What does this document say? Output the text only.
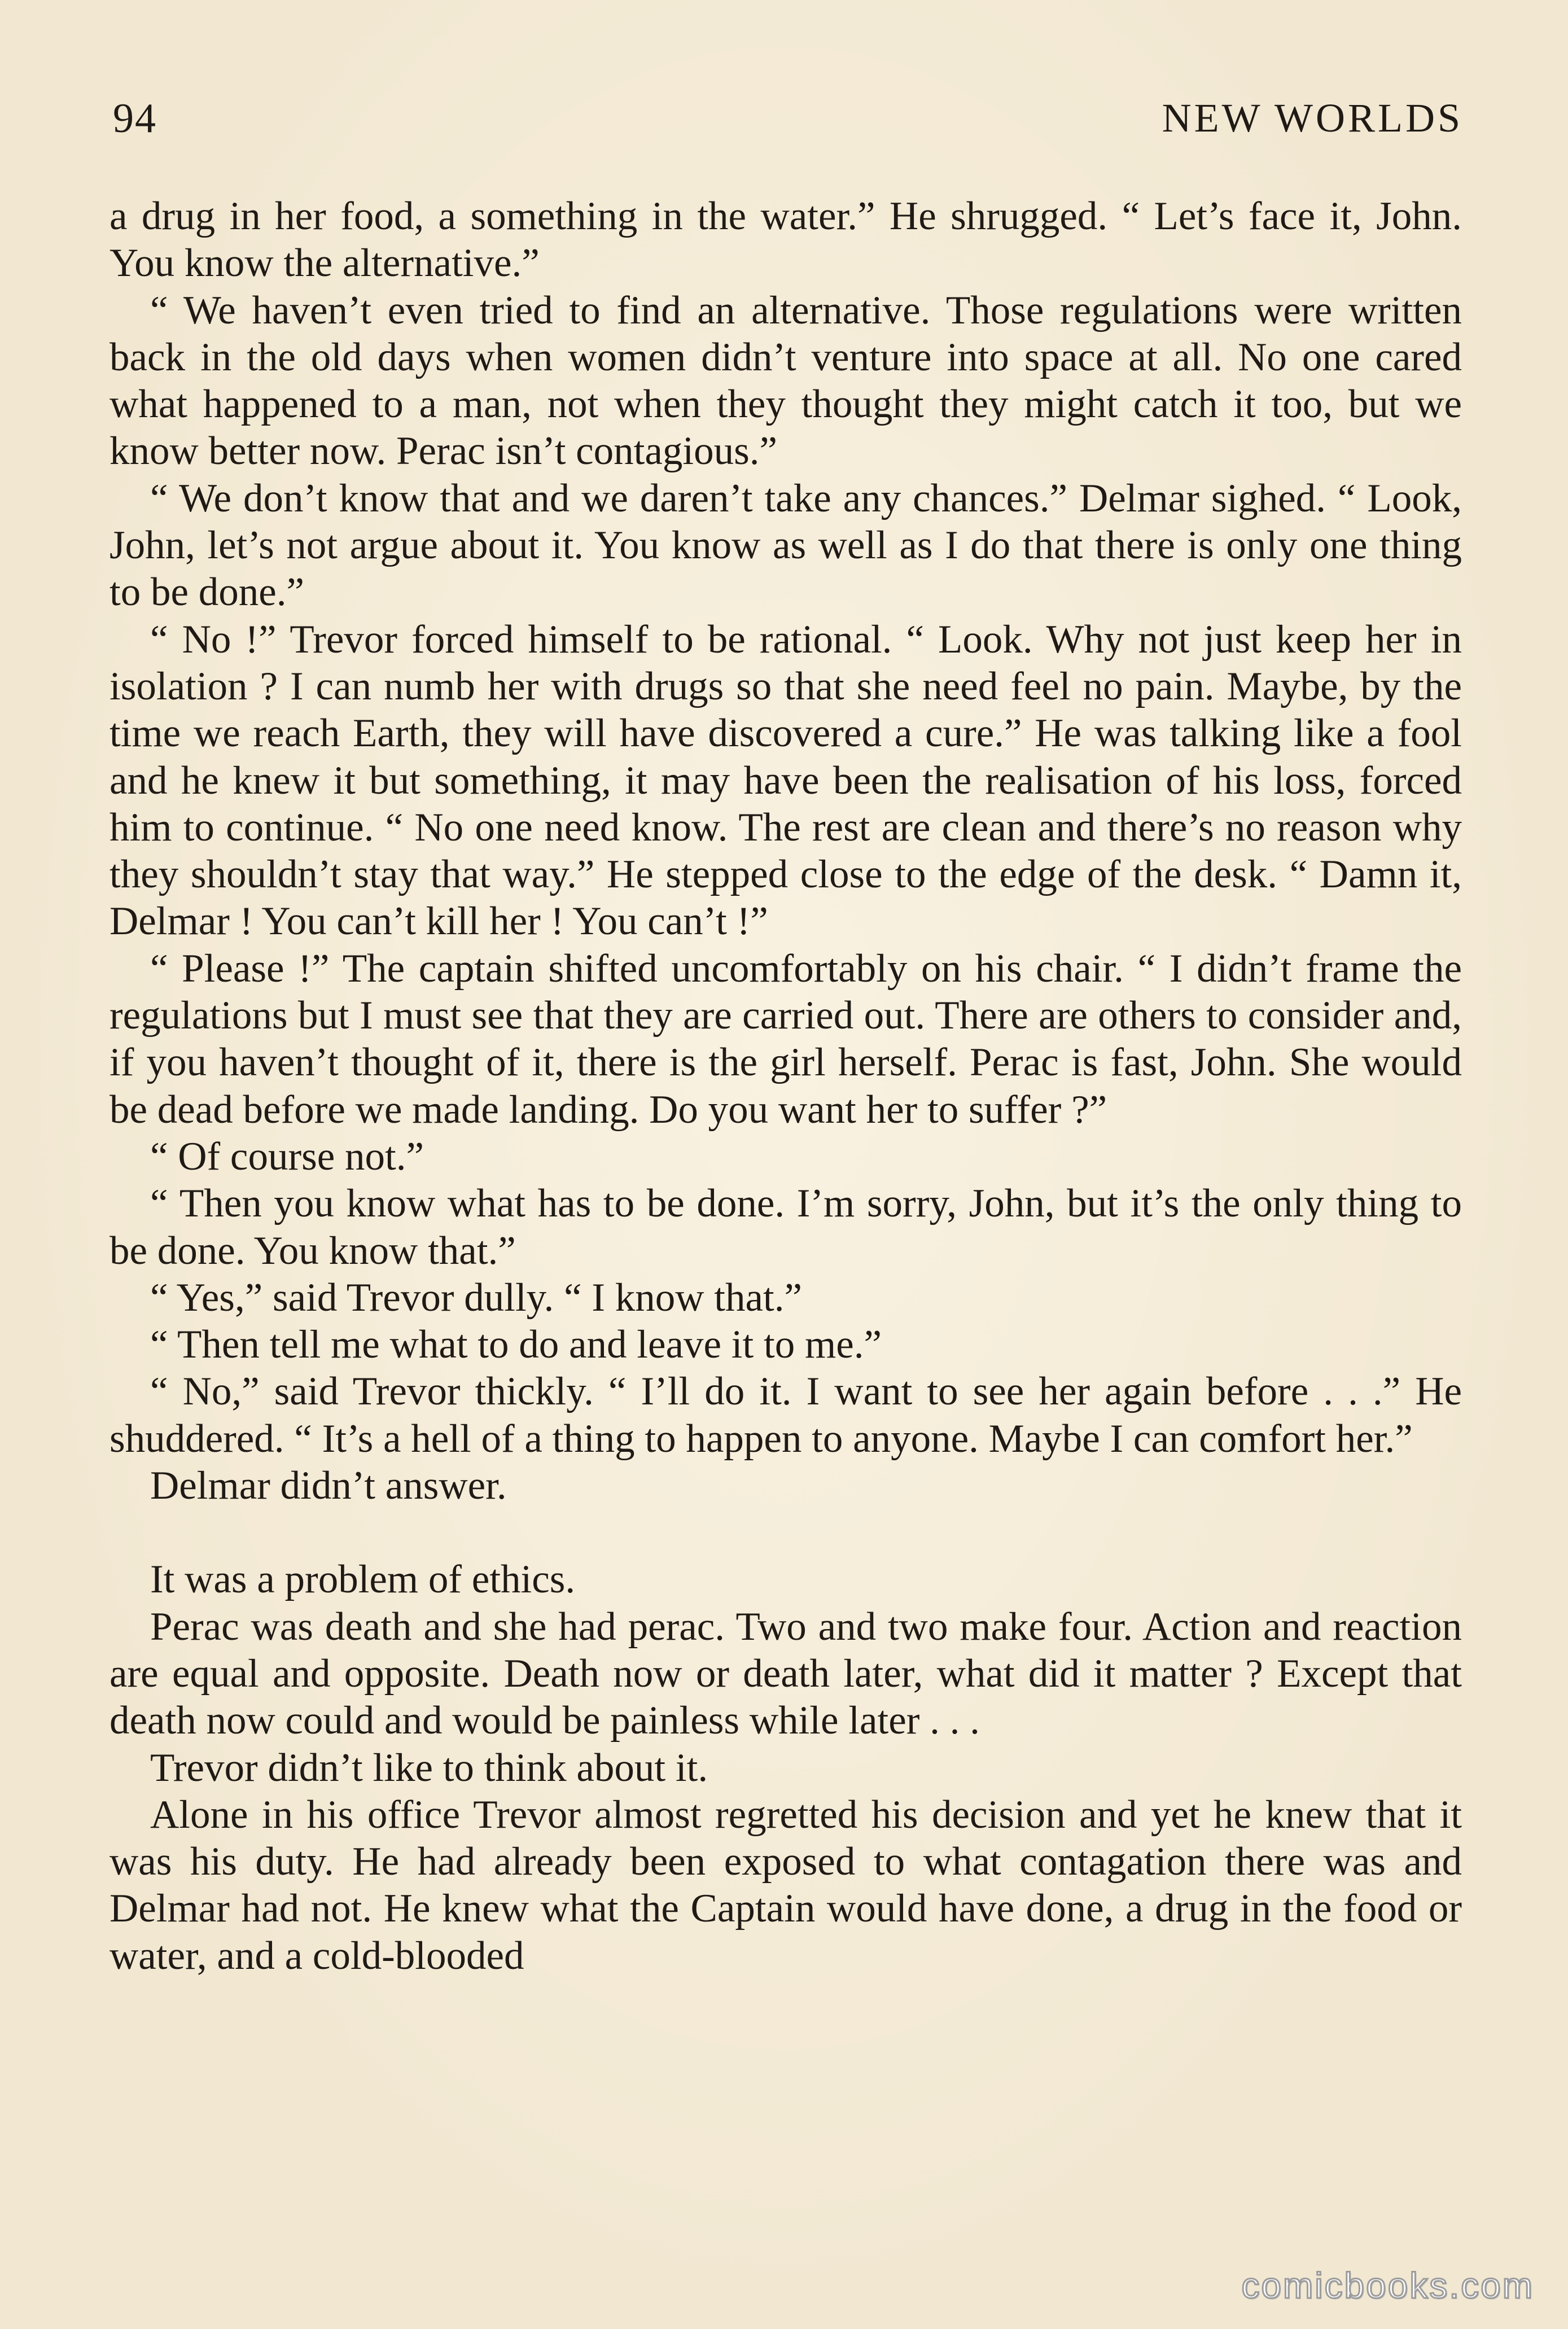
94	NEW WORLDS

a drug in her food, a something in the water.” He shrugged. “ Let’s face it, John. You know the alternative.”

“ We haven’t even tried to find an alternative. Those regulations were written back in the old days when women didn’t venture into space at all. No one cared what happened to a man, not when they thought they might catch it too, but we know better now. Perac isn’t contagious.”

“ We don’t know that and we daren’t take any chances.” Delmar sighed. “ Look, John, let’s not argue about it. You know as well as I do that there is only one thing to be done.”

“ No !” Trevor forced himself to be rational. “ Look. Why not just keep her in isolation ? I can numb her with drugs so that she need feel no pain. Maybe, by the time we reach Earth, they will have discovered a cure.” He was talking like a fool and he knew it but something, it may have been the realisation of his loss, forced him to continue. “ No one need know. The rest are clean and there’s no reason why they shouldn’t stay that way.” He stepped close to the edge of the desk. “ Damn it, Delmar ! You can’t kill her ! You can’t !”

“ Please !” The captain shifted uncomfortably on his chair. “ I didn’t frame the regulations but I must see that they are carried out. There are others to consider and, if you haven’t thought of it, there is the girl herself. Perac is fast, John. She would be dead before we made landing. Do you want her to suffer ?”

“ Of course not.”

“ Then you know what has to be done. I’m sorry, John, but it’s the only thing to be done. You know that.”

“ Yes,” said Trevor dully. “ I know that.”

“ Then tell me what to do and leave it to me.”

“ No,” said Trevor thickly. “ I’ll do it. I want to see her again before . . .” He shuddered. “ It’s a hell of a thing to happen to anyone. Maybe I can comfort her.”

Delmar didn’t answer.

It was a problem of ethics.

Perac was death and she had perac. Two and two make four. Action and reaction are equal and opposite. Death now or death later, what did it matter ? Except that death now could and would be painless while later . . .

Trevor didn’t like to think about it.

Alone in his office Trevor almost regretted his decision and yet he knew that it was his duty. He had already been exposed to what contagation there was and Delmar had not. He knew what the Captain would have done, a drug in the food or water, and a cold-blooded

comicbooks.com
